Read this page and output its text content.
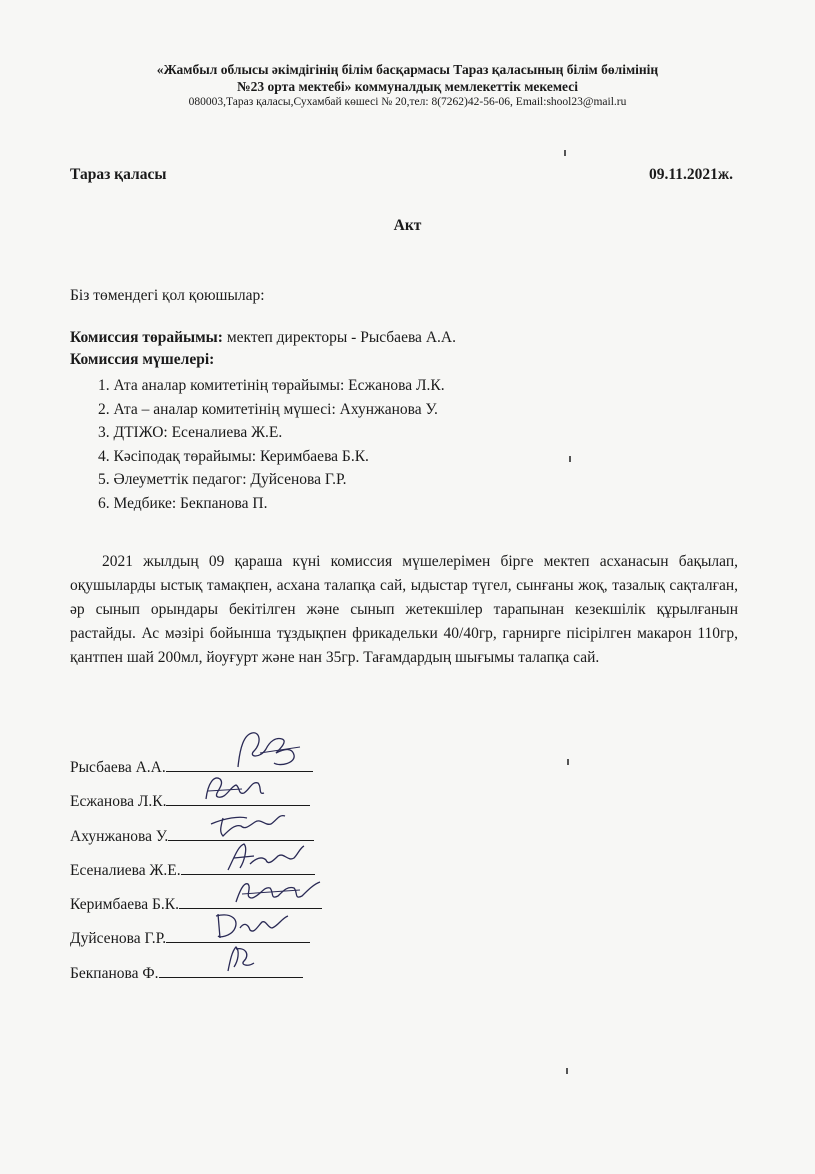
«Жамбыл облысы әкімдігінің білім басқармасы Тараз қаласының білім бөлімінің
№23 орта мектебі» коммуналдық мемлекеттік мекемесі
080003,Тараз қаласы,Сухамбай көшесі № 20,тел: 8(7262)42-56-06, Email:shool23@mail.ru
Тараз қаласы	09.11.2021ж.
Акт
Біз төмендегі қол қоюшылар:
Комиссия төрайымы: мектеп директоры - Рысбаева А.А.
Комиссия мүшелері:
1. Ата аналар комитетінің төрайымы: Есжанова Л.К.
2. Ата – аналар комитетінің мүшесі: Ахунжанова У.
3. ДТІЖО: Есеналиева Ж.Е.
4. Кәсіподақ төрайымы: Керимбаева Б.К.
5. Әлеуметтік педагог: Дуйсенова Г.Р.
6. Медбике: Бекпанова П.
2021 жылдың 09 қараша күні комиссия мүшелерімен бірге мектеп асханасын бақылап, оқушыларды ыстық тамақпен, асхана талапқа сай, ыдыстар түгел, сынғаны жоқ, тазалық сақталған, әр сынып орындары бекітілген және сынып жетекшілер тарапынан кезекшілік құрылғанын растайды. Ас мәзірі бойынша тұздықпен фрикадельки 40/40гр, гарнирге пісірілген макарон 110гр, қантпен шай 200мл, йоуғурт және нан 35гр. Тағамдардың шығымы талапқа сай.
Рысбаева А.А.
Есжанова Л.К.
Ахунжанова У.
Есеналиева Ж.Е.
Керимбаева Б.К.
Дуйсенова Г.Р.
Бекпанова Ф.
